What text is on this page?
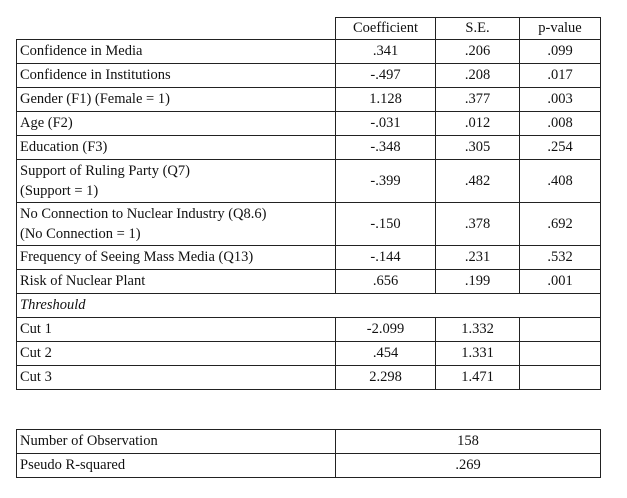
	Coefficient	S.E.	p-value
Confidence in Media	.341	.206	.099
Confidence in Institutions	-.497	.208	.017
Gender (F1) (Female = 1)	1.128	.377	.003
Age (F2)	-.031	.012	.008
Education (F3)	-.348	.305	.254

Support of Ruling Party (Q7)
(Support = 1)	-.399	.482	.408

No Connection to Nuclear Industry (Q8.6)
(No Connection = 1)	-.150	.378	.692
Frequency of Seeing Mass Media (Q13)	-.144	.231	.532
Risk of Nuclear Plant	.656	.199	.001
Threshould			
Cut 1	-2.099	1.332	
Cut 2	.454	1.331	
Cut 3	2.298	1.471	
Number of Observation	158
Pseudo R-squared	.269
